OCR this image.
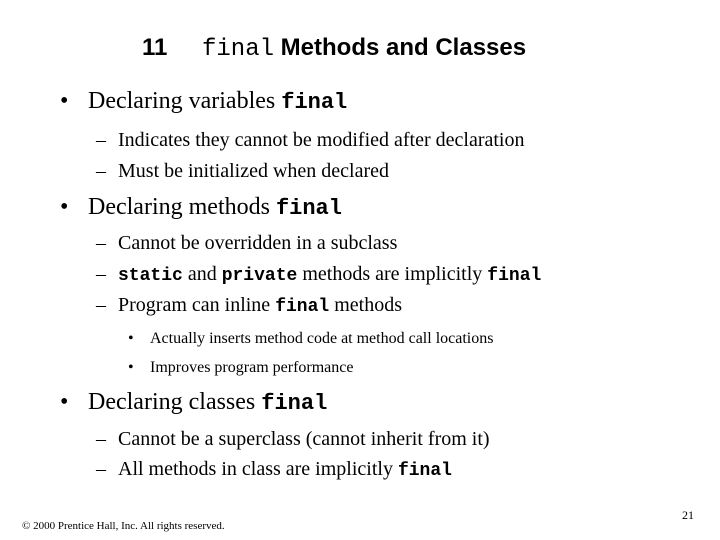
11 final Methods and Classes
• Declaring variables final
– Indicates they cannot be modified after declaration
– Must be initialized when declared
• Declaring methods final
– Cannot be overridden in a subclass
– static and private methods are implicitly final
– Program can inline final methods
• Actually inserts method code at method call locations
• Improves program performance
• Declaring classes final
– Cannot be a superclass (cannot inherit from it)
– All methods in class are implicitly final
© 2000 Prentice Hall, Inc. All rights reserved.
21
